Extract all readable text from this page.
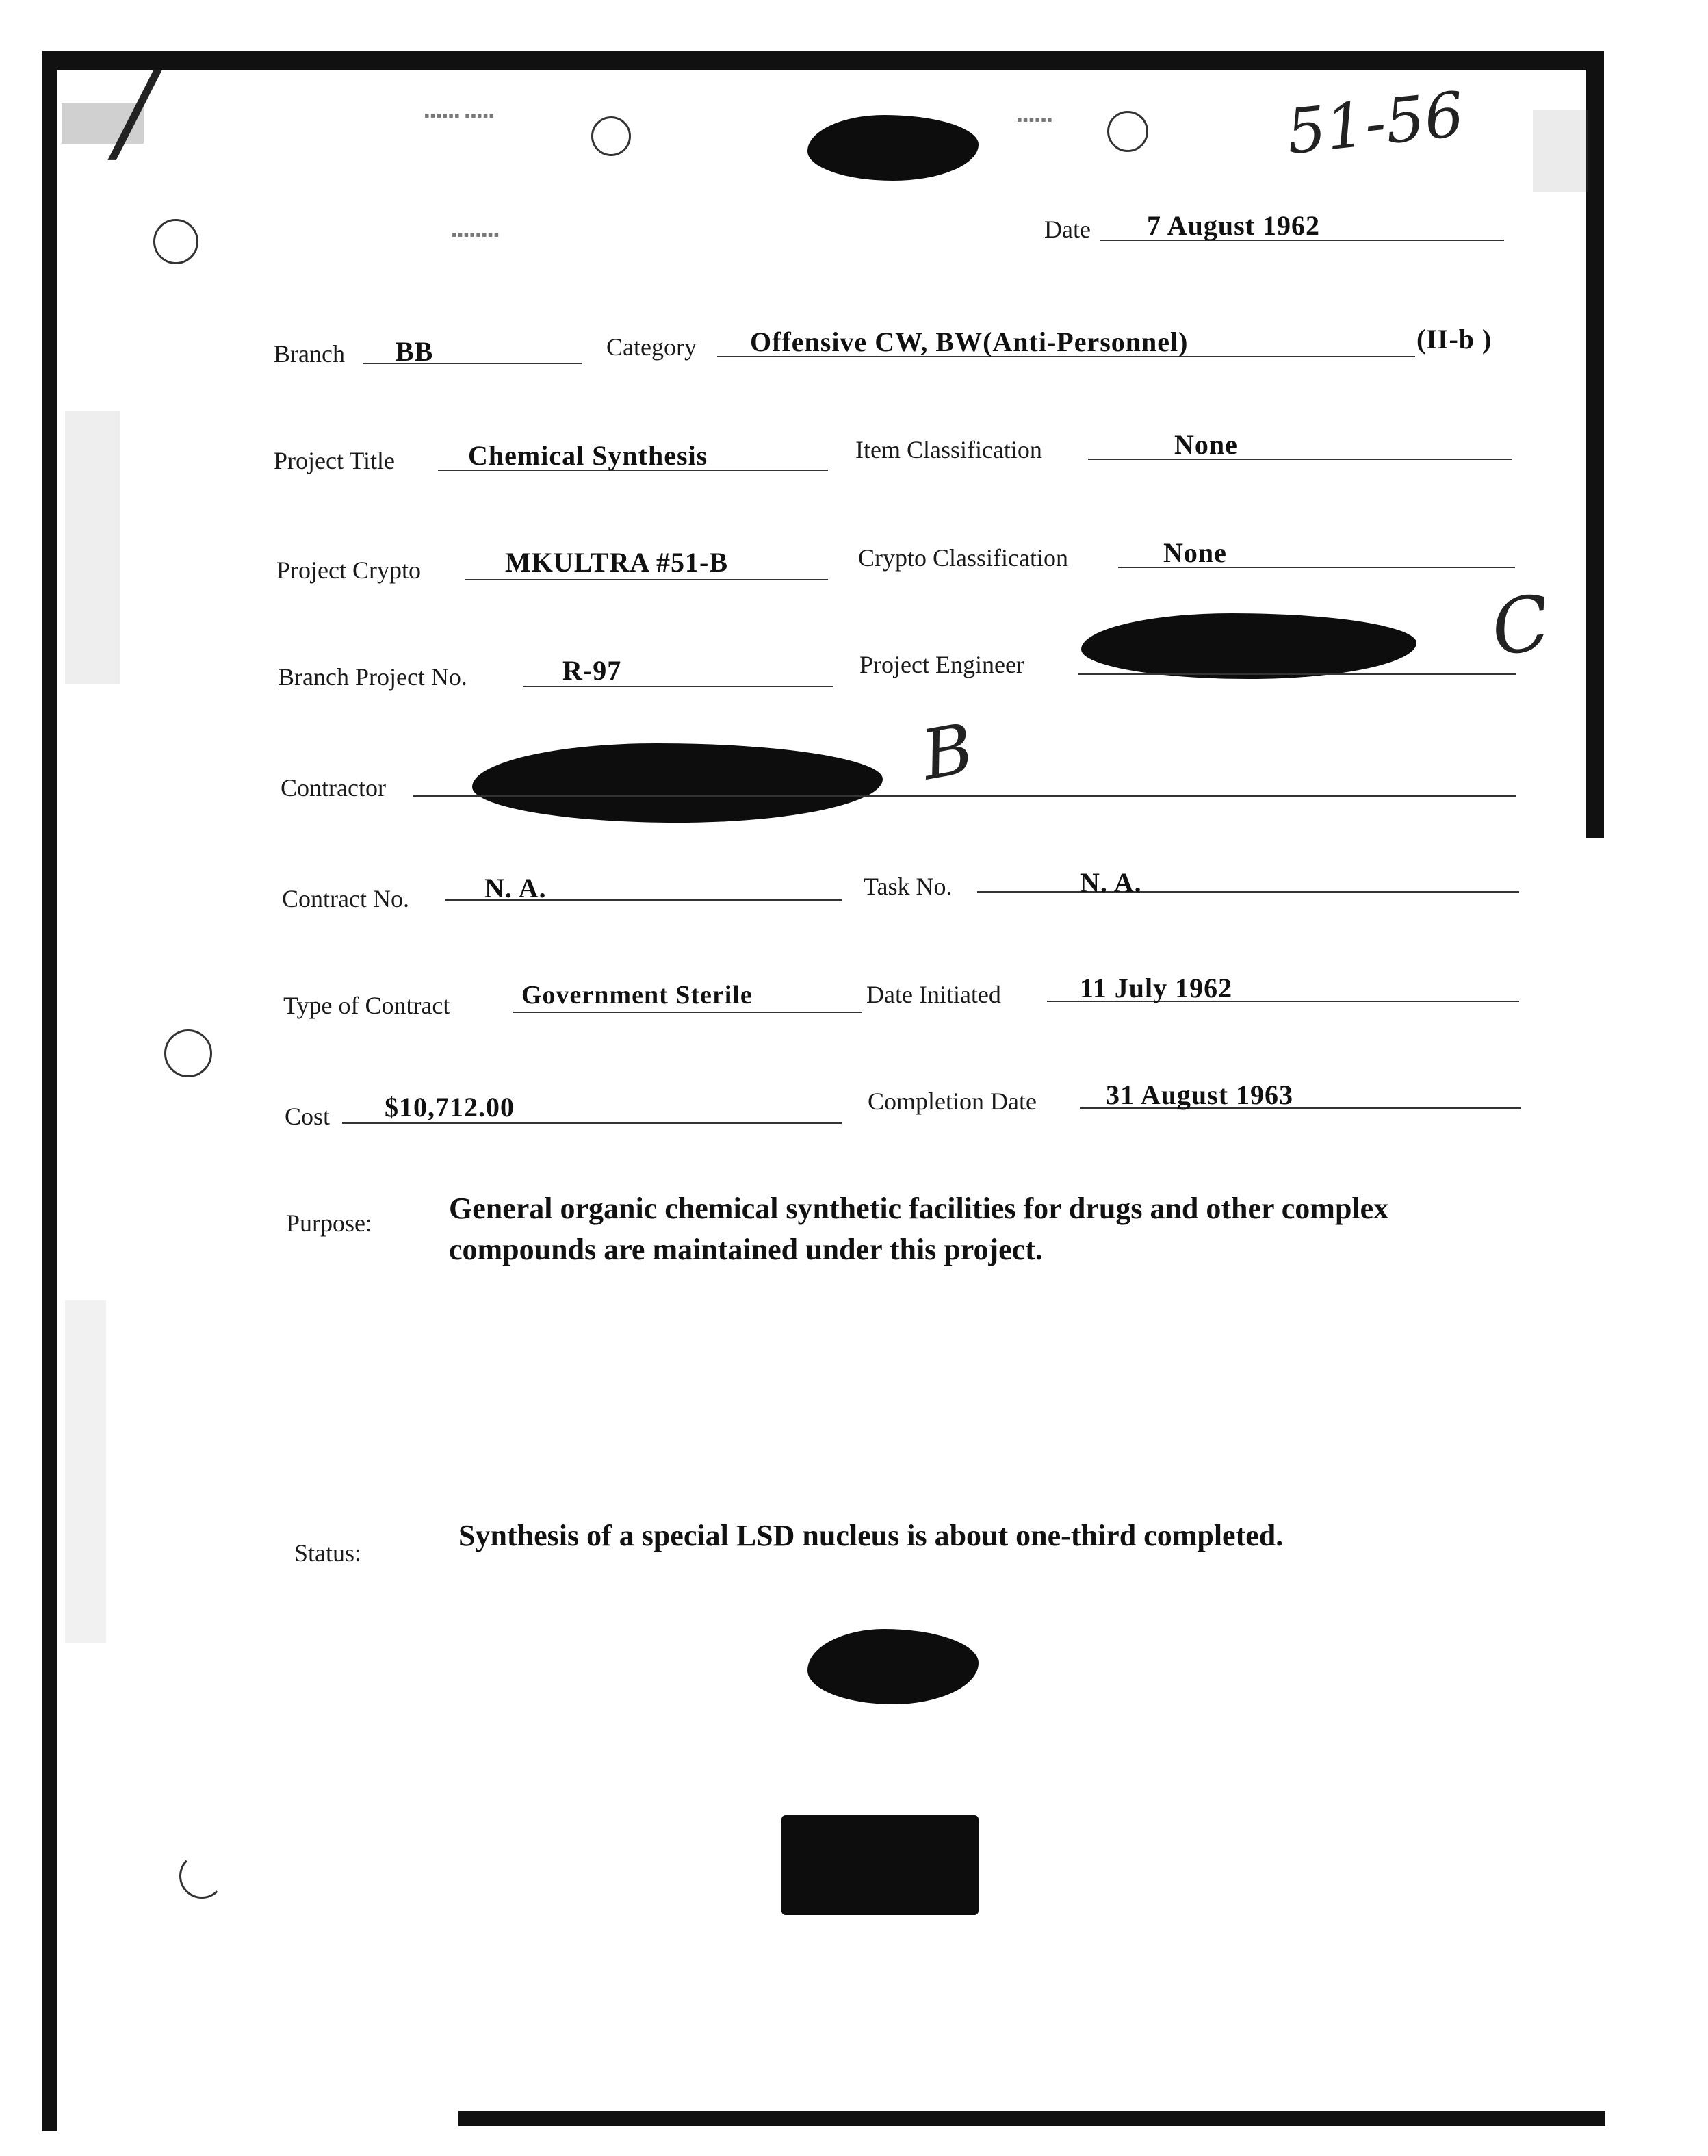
▪▪▪▪▪▪ ▪▪▪▪▪
▪▪▪▪▪▪▪▪
▪▪▪▪▪▪
/	51-56
C
B
Date 7 August 1962
Branch BB	Category Offensive CW, BW(Anti-Personnel)	(II-b )
Project Title	Chemical Synthesis	Item Classification	None
Project Crypto	MKULTRA #51-B	Crypto Classification	None
Branch Project No.	R-97	Project Engineer
Contractor
Contract No.	N. A.	Task No.	N. A.
Type of Contract	Government Sterile	Date Initiated	11 July 1962
Cost $10,712.00	Completion Date	31 August 1963
Purpose:	General organic chemical synthetic facilities for drugs and other complex compounds are maintained under this project.
Status:
Synthesis of a special LSD nucleus is about one-third completed.
